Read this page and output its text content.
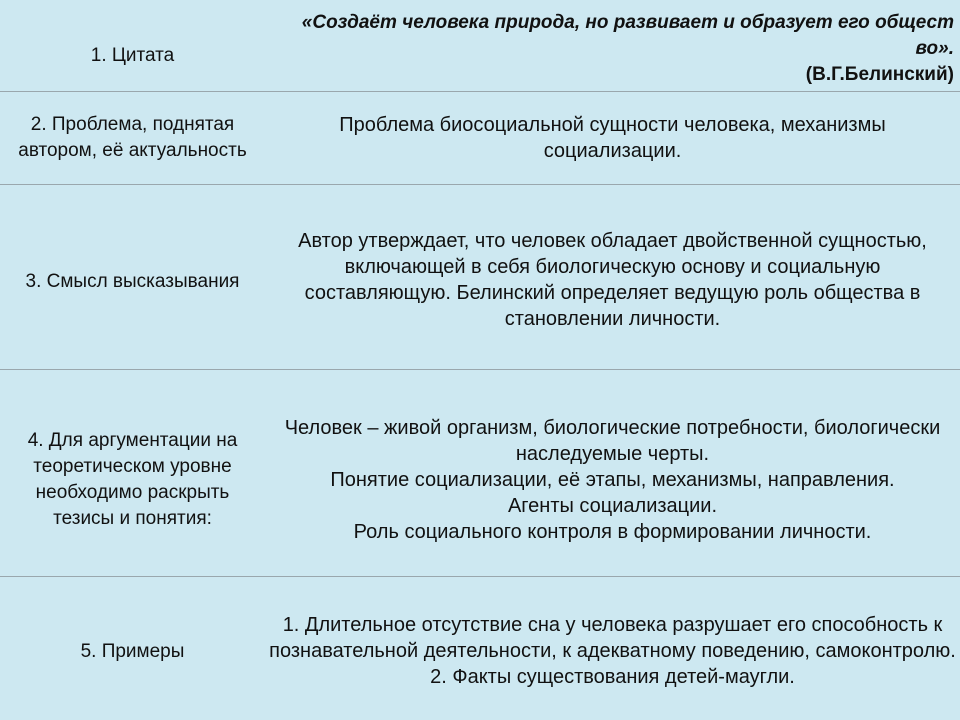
1. Цитата
«Создаёт человека природа, но развивает и образует его общест во».
(В.Г.Белинский)
2. Проблема, поднятая автором, её актуальность
Проблема биосоциальной сущности человека, механизмы социализации.
3. Смысл высказывания
Автор утверждает, что человек обладает двойственной сущностью, включающей в себя биологическую основу и социальную составляющую. Белинский определяет ведущую роль общества в становлении личности.
4. Для аргументации на теоретическом уровне необходимо раскрыть тезисы и понятия:
Человек – живой организм, биологические потребности, биологически наследуемые черты.
Понятие социализации, её этапы, механизмы, направления.
Агенты социализации.
Роль социального контроля в формировании личности.
5. Примеры
1. Длительное отсутствие сна у человека разрушает его способность к познавательной деятельности, к адекватному поведению, самоконтролю.
2. Факты существования детей-маугли.
